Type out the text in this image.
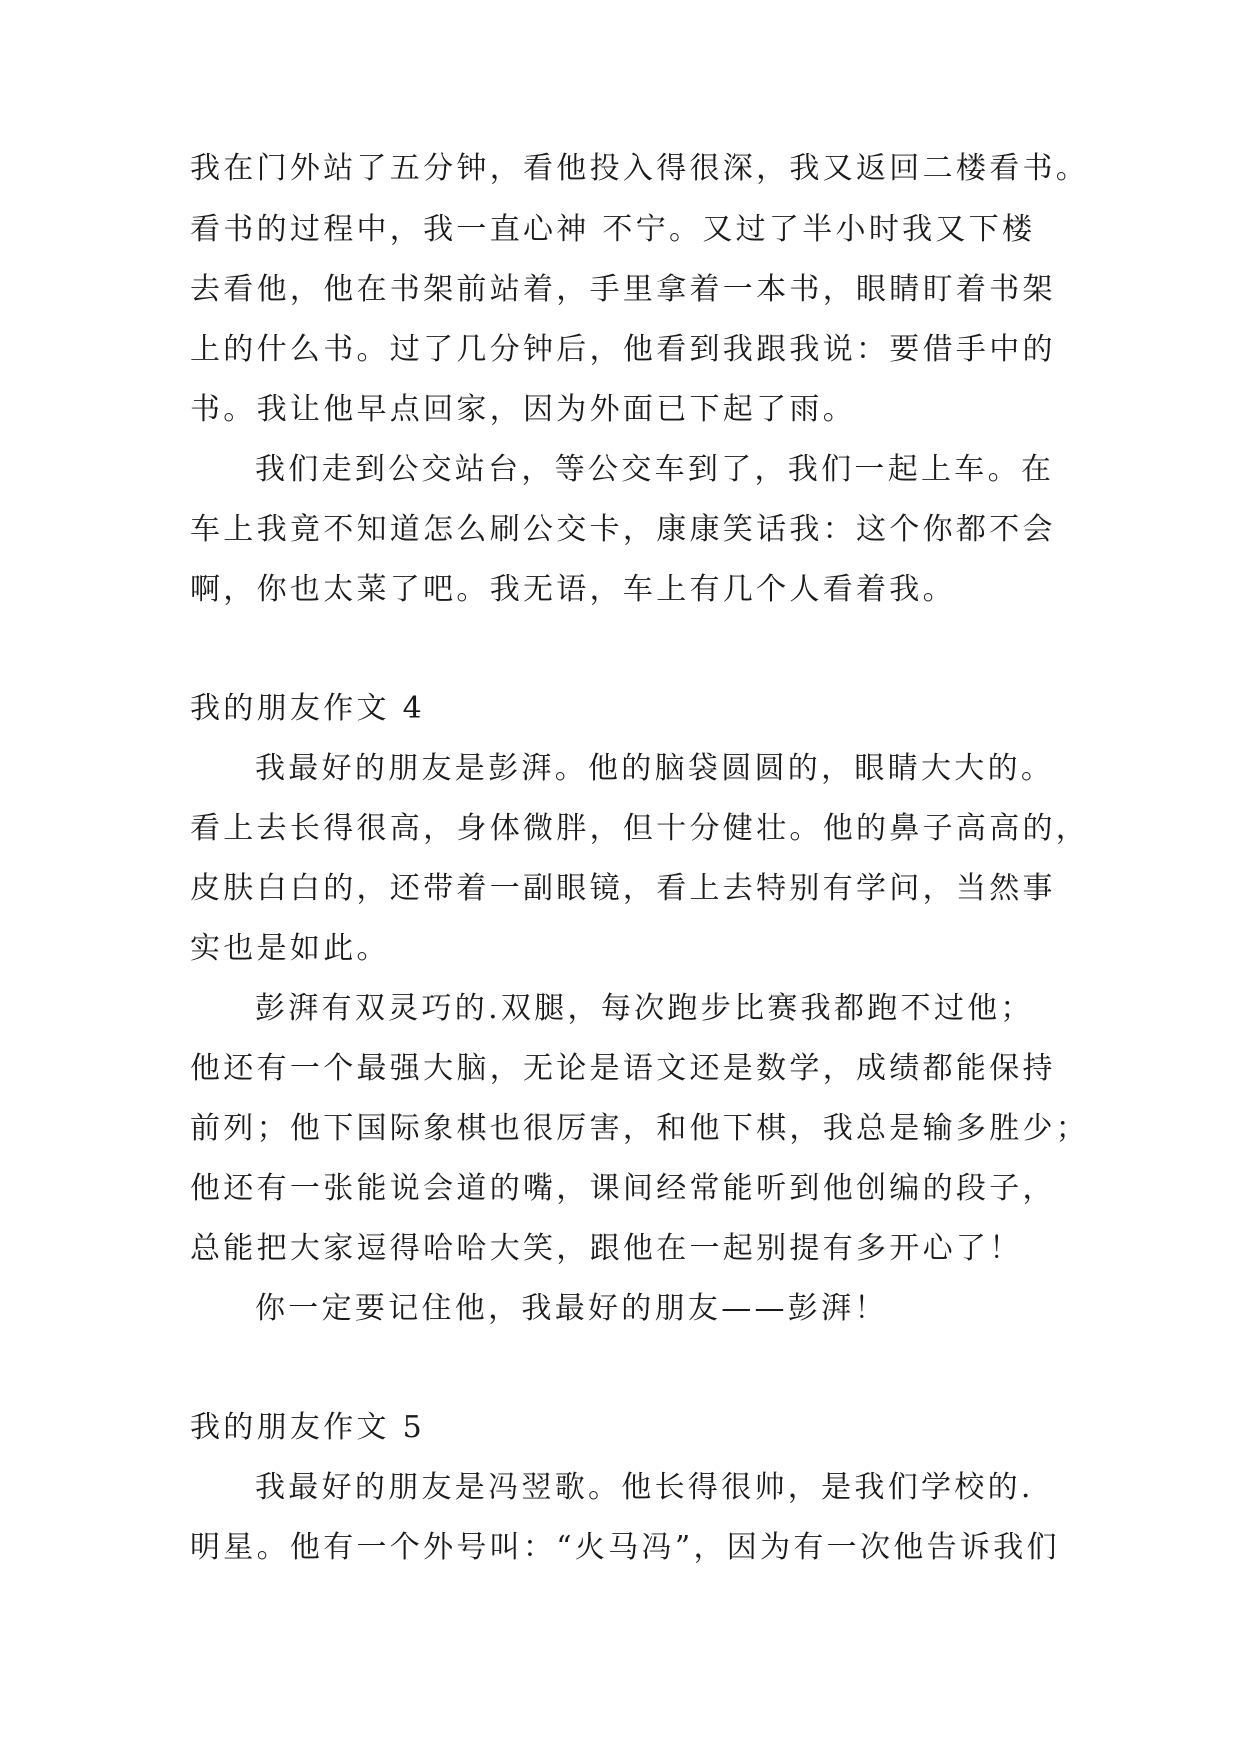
我在门外站了五分钟，看他投入得很深，我又返回二楼看书。
看书的过程中，我一直心神 不宁。又过了半小时我又下楼
去看他，他在书架前站着，手里拿着一本书，眼睛盯着书架
上的什么书。过了几分钟后，他看到我跟我说：要借手中的
书。我让他早点回家，因为外面已下起了雨。
我们走到公交站台，等公交车到了，我们一起上车。在
车上我竟不知道怎么刷公交卡，康康笑话我：这个你都不会
啊，你也太菜了吧。我无语，车上有几个人看着我。
我的朋友作文 4
我最好的朋友是彭湃。他的脑袋圆圆的，眼睛大大的。
看上去长得很高，身体微胖，但十分健壮。他的鼻子高高的，
皮肤白白的，还带着一副眼镜，看上去特别有学问，当然事
实也是如此。
彭湃有双灵巧的.双腿，每次跑步比赛我都跑不过他；
他还有一个最强大脑，无论是语文还是数学，成绩都能保持
前列；他下国际象棋也很厉害，和他下棋，我总是输多胜少；
他还有一张能说会道的嘴，课间经常能听到他创编的段子，
总能把大家逗得哈哈大笑，跟他在一起别提有多开心了！
你一定要记住他，我最好的朋友——彭湃！
我的朋友作文 5
我最好的朋友是冯翌歌。他长得很帅，是我们学校的.
明星。他有一个外号叫：“火马冯”，因为有一次他告诉我们
